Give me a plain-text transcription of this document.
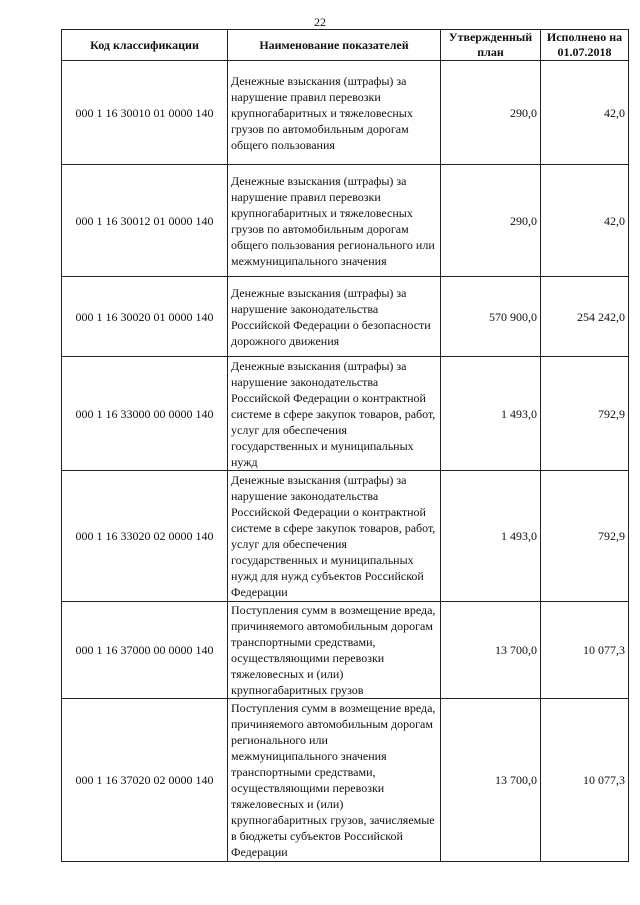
22
Код классификации	Наименование показателей	Утвержденный план	Исполнено на 01.07.2018
000 1 16 30010 01 0000 140	Денежные взыскания (штрафы) за нарушение правил перевозки крупногабаритных и тяжеловесных грузов по автомобильным дорогам общего пользования	290,0	42,0
000 1 16 30012 01 0000 140	Денежные взыскания (штрафы) за нарушение правил перевозки крупногабаритных и тяжеловесных грузов по автомобильным дорогам общего пользования регионального или межмуниципального значения	290,0	42,0
000 1 16 30020 01 0000 140	Денежные взыскания (штрафы) за нарушение законодательства Российской Федерации о безопасности дорожного движения	570 900,0	254 242,0
000 1 16 33000 00 0000 140	Денежные взыскания (штрафы) за нарушение законодательства Российской Федерации о контрактной системе в сфере закупок товаров, работ, услуг для обеспечения государственных и муниципальных нужд	1 493,0	792,9
000 1 16 33020 02 0000 140	Денежные взыскания (штрафы) за нарушение законодательства Российской Федерации о контрактной системе в сфере закупок товаров, работ, услуг для обеспечения государственных и муниципальных нужд для нужд субъектов Российской Федерации	1 493,0	792,9
000 1 16 37000 00 0000 140	Поступления сумм в возмещение вреда, причиняемого автомобильным дорогам транспортными средствами, осуществляющими перевозки тяжеловесных и (или) крупногабаритных грузов	13 700,0	10 077,3
000 1 16 37020 02 0000 140	Поступления сумм в возмещение вреда, причиняемого автомобильным дорогам регионального или межмуниципального значения транспортными средствами, осуществляющими перевозки тяжеловесных и (или) крупногабаритных грузов, зачисляемые в бюджеты субъектов Российской Федерации	13 700,0	10 077,3
